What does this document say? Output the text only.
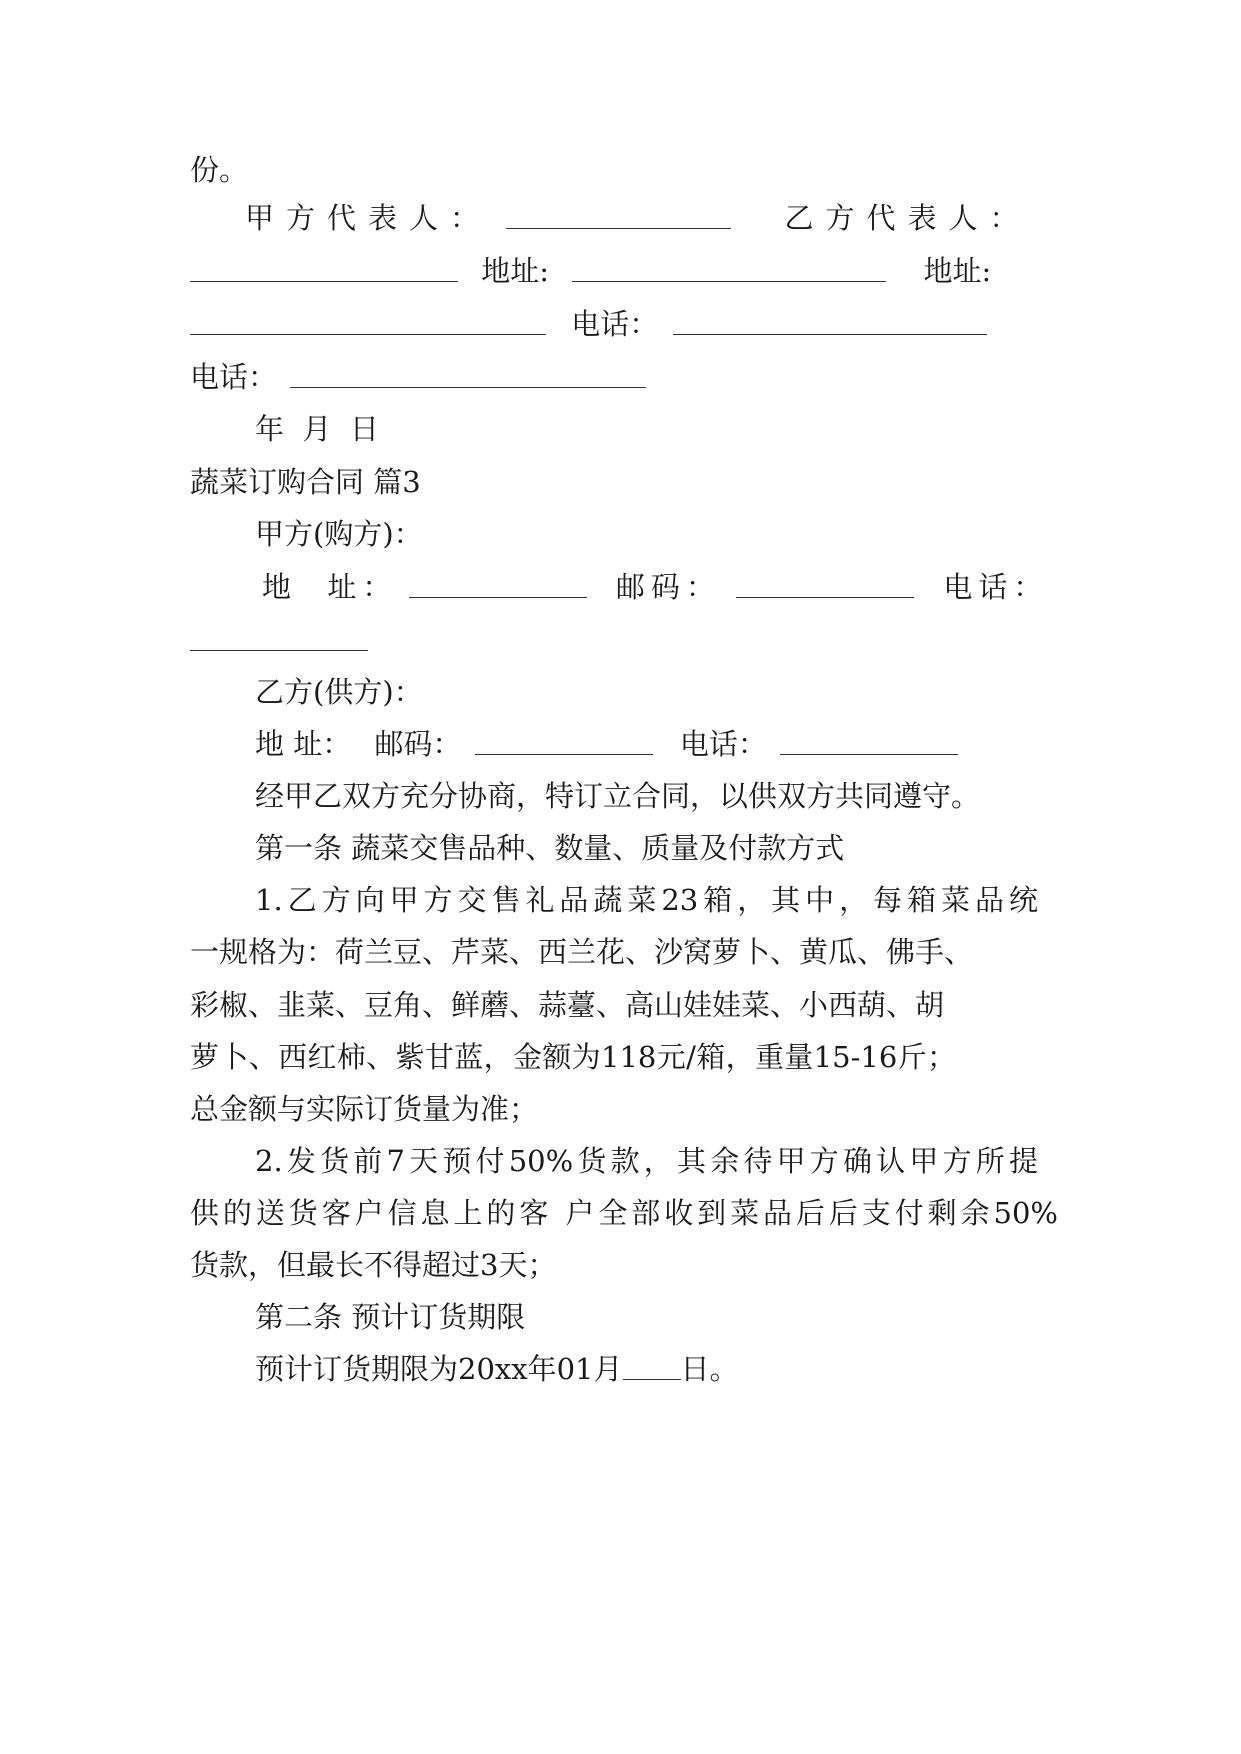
份。
甲方代表人：	乙方代表人：
地址:	地址:
电话：
电话：
年  月  日
蔬菜订购合同 篇3
甲方(购方)：
地  址：	邮码：	电话：
乙方(供方)：
地 址： 邮码：	电话：
经甲乙双方充分协商，特订立合同，以供双方共同遵守。
第一条 蔬菜交售品种、数量、质量及付款方式
1.乙方向甲方交售礼品蔬菜23箱，其中，每箱菜品统
一规格为：荷兰豆、芹菜、西兰花、沙窝萝卜、黄瓜、佛手、
彩椒、韭菜、豆角、鲜蘑、蒜薹、高山娃娃菜、小西葫、胡
萝卜、西红柿、紫甘蓝，金额为118元/箱，重量15-16斤；
总金额与实际订货量为准；
2.发货前7天预付50%货款，其余待甲方确认甲方所提
供的送货客户信息上的客 户全部收到菜品后后支付剩余50%
货款，但最长不得超过3天；
第二条 预计订货期限
预计订货期限为20xx年01月 日。
